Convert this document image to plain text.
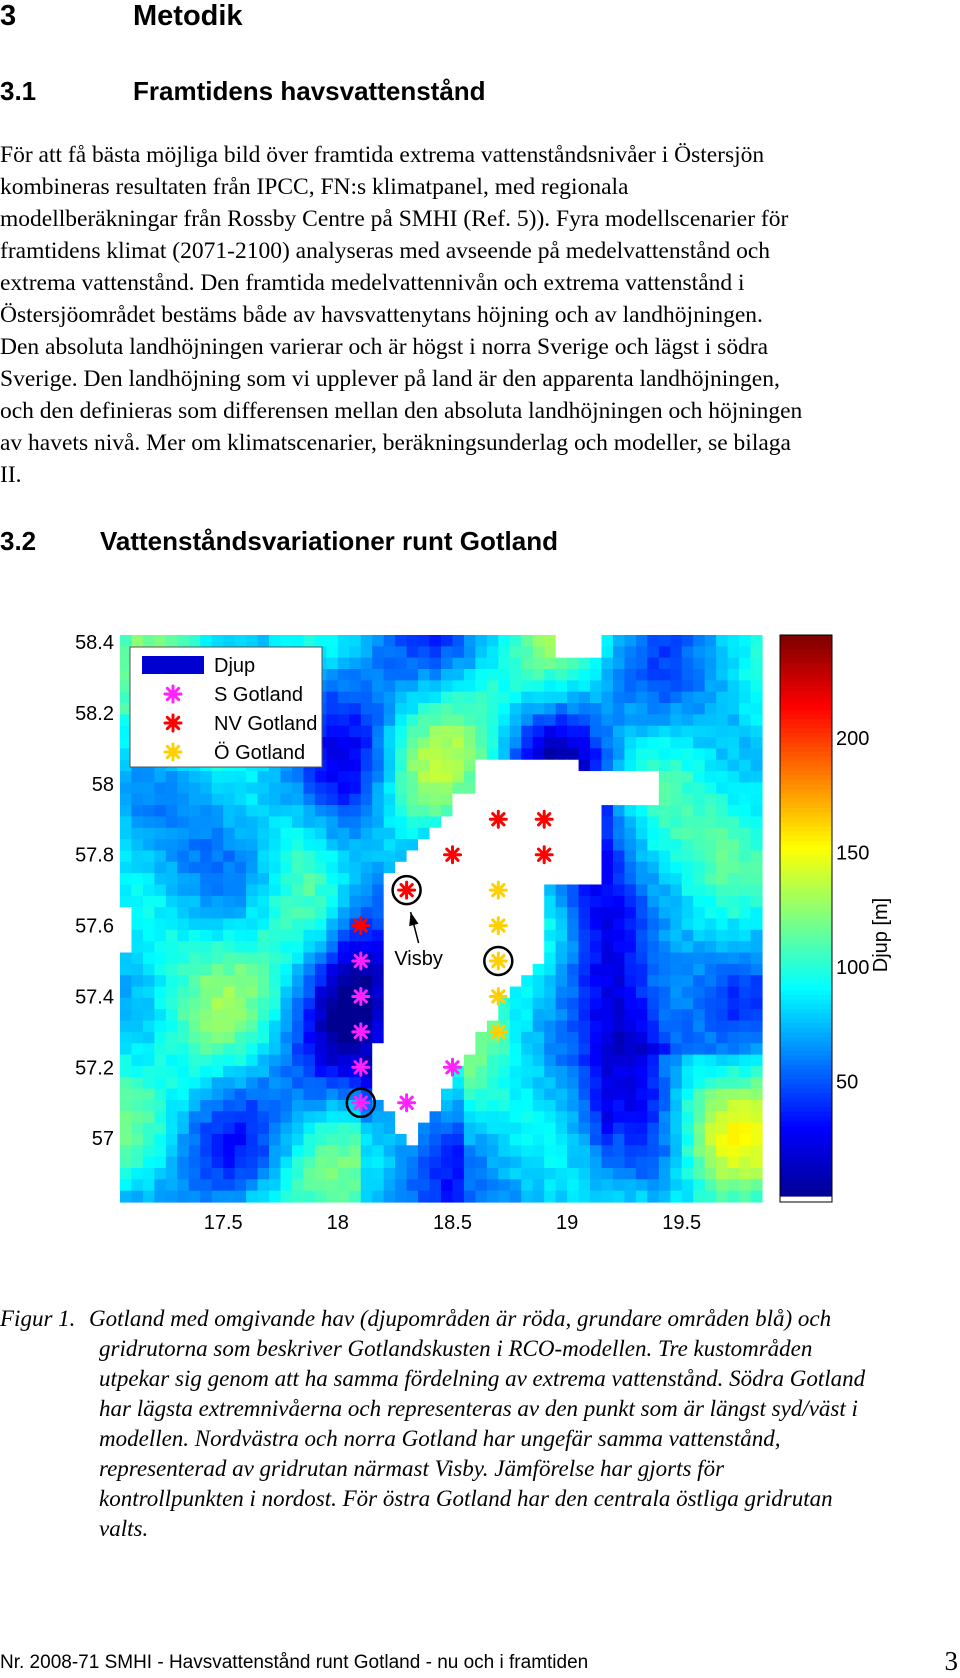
3	Metodik
3.1	Framtidens havsvattenstånd
För att få bästa möjliga bild över framtida extrema vattenståndsnivåer i Östersjön
kombineras resultaten från IPCC, FN:s klimatpanel, med regionala
modellberäkningar från Rossby Centre på SMHI (Ref. 5)). Fyra modellscenarier för
framtidens klimat (2071-2100) analyseras med avseende på medelvattenstånd och
extrema vattenstånd. Den framtida medelvattennivån och extrema vattenstånd i
Östersjöområdet bestäms både av havsvattenytans höjning och av landhöjningen.
Den absoluta landhöjningen varierar och är högst i norra Sverige och lägst i södra
Sverige. Den landhöjning som vi upplever på land är den apparenta landhöjningen,
och den definieras som differensen mellan den absoluta landhöjningen och höjningen
av havets nivå. Mer om klimatscenarier, beräkningsunderlag och modeller, se bilaga
II.
3.2 Vattenståndsvariationer runt Gotland
17.5	18	18.5	19	19.5
58.4
58.2
58
57.8
57.6
57.4
57.2
57
50
100
150
200
Djup [m]
Djup
S Gotland
NV Gotland
Ö Gotland
Visby
Figur 1. Gotland med omgivande hav (djupområden är röda, grundare områden blå) och
gridrutorna som beskriver Gotlandskusten i RCO-modellen. Tre kustområden
utpekar sig genom att ha samma fördelning av extrema vattenstånd. Södra Gotland
har lägsta extremnivåerna och representeras av den punkt som är längst syd/väst i
modellen. Nordvästra och norra Gotland har ungefär samma vattenstånd,
representerad av gridrutan närmast Visby. Jämförelse har gjorts för
kontrollpunkten i nordost. För östra Gotland har den centrala östliga gridrutan
valts.
Nr. 2008-71 SMHI - Havsvattenstånd runt Gotland - nu och i framtiden	3
